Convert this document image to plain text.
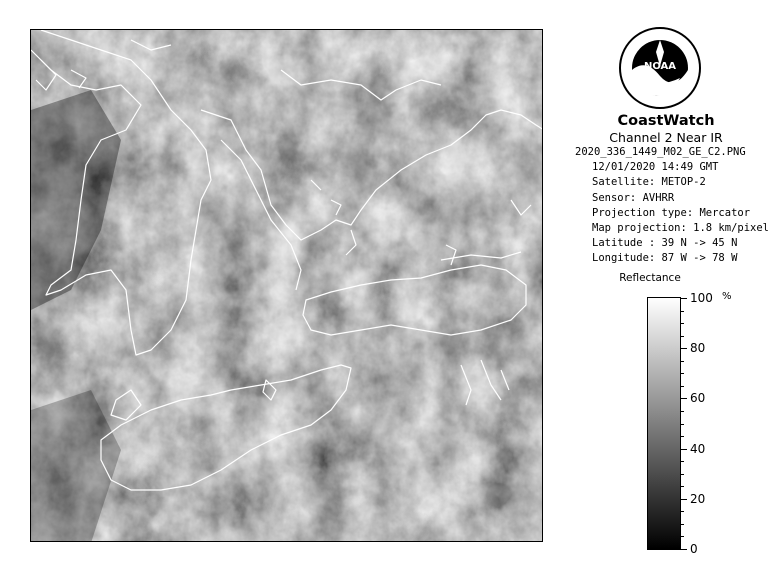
NOAA
CoastWatch
Channel 2 Near IR
2020_336_1449_M02_GE_C2.PNG
12/01/2020 14:49 GMT
Satellite: METOP-2
Sensor: AVHRR
Projection type: Mercator
Map projection: 1.8 km/pixel
Latitude : 39 N -> 45 N
Longitude: 87 W -> 78 W
Reflectance
%
0
20
40
60
80
100
